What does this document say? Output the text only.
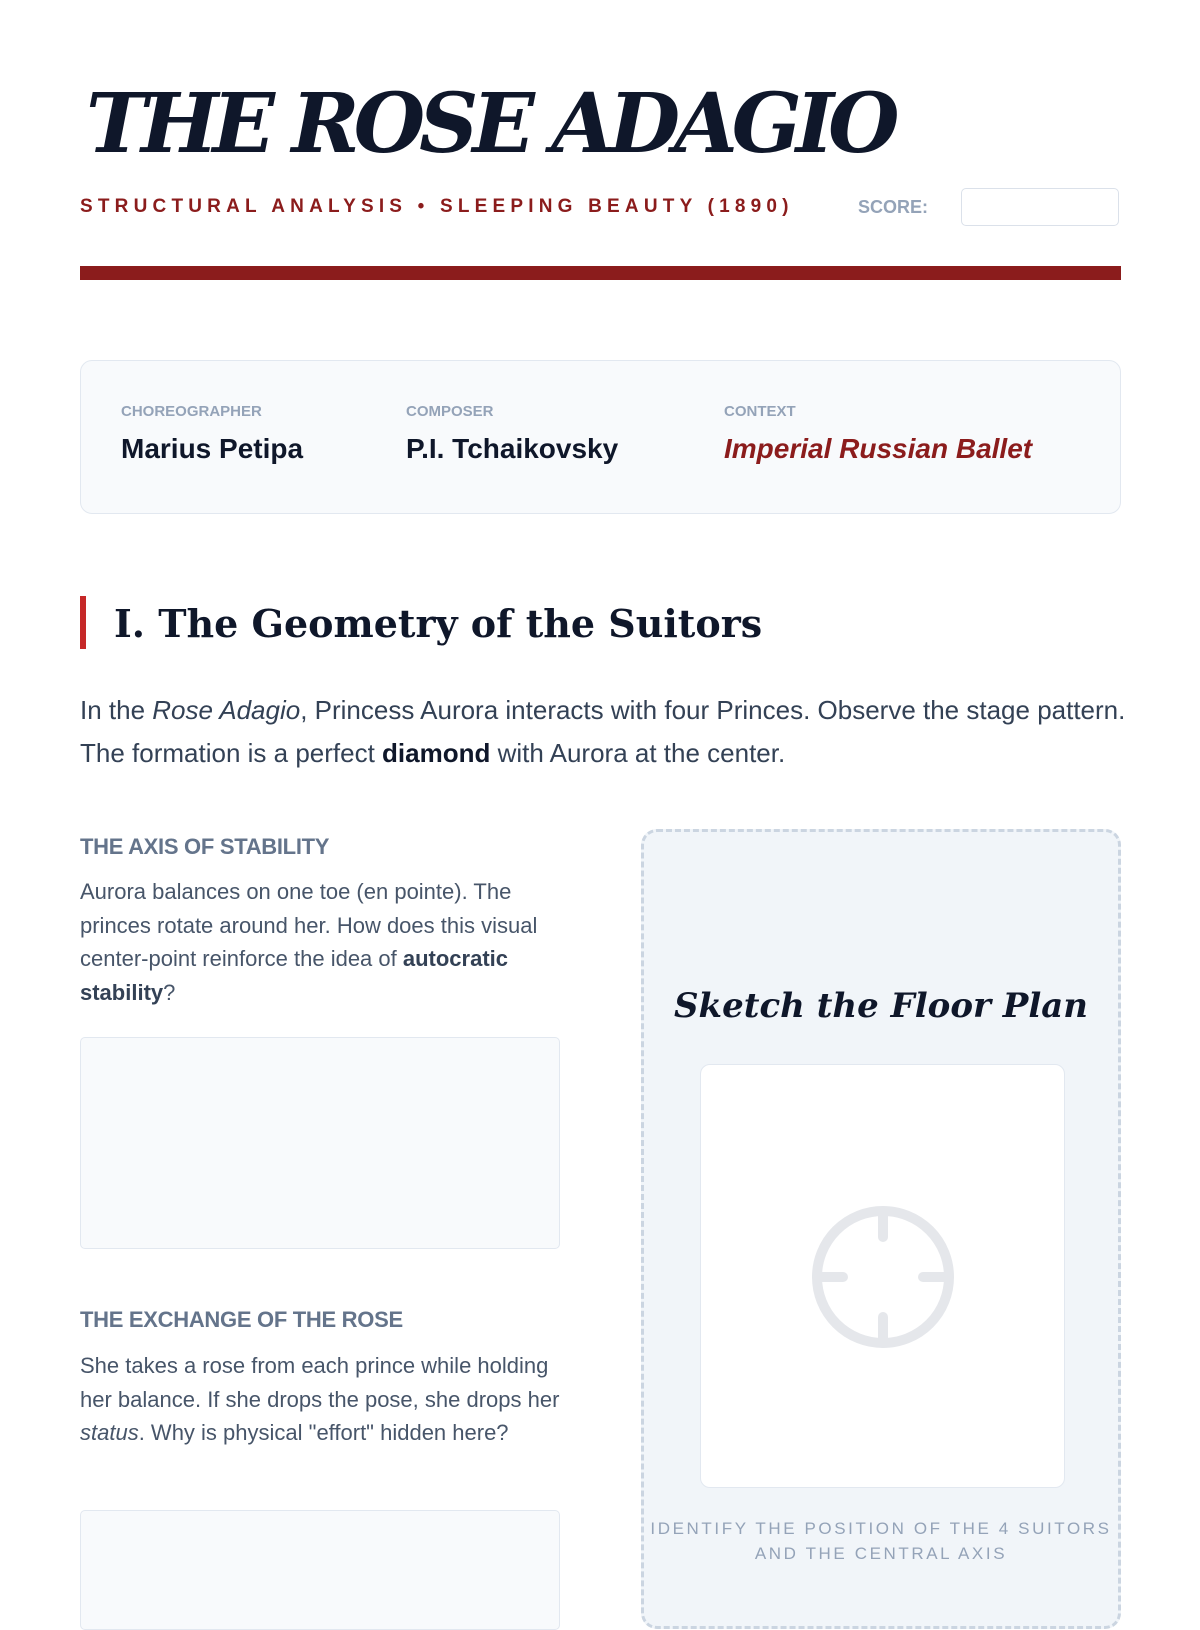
THE ROSE ADAGIO

STRUCTURAL ANALYSIS • SLEEPING BEAUTY (1890)	SCORE:
CHOREOGRAPHER
Marius Petipa
COMPOSER
P.I. Tchaikovsky
CONTEXT
Imperial Russian Ballet
I. The Geometry of the Suitors

In the Rose Adagio, Princess Aurora interacts with four Princes. Observe the stage pattern. The formation is a perfect diamond with Aurora at the center.

THE AXIS OF STABILITY

Aurora balances on one toe (en pointe). The princes rotate around her. How does this visual center-point reinforce the idea of autocratic stability?

THE EXCHANGE OF THE ROSE

She takes a rose from each prince while holding her balance. If she drops the pose, she drops her status. Why is physical "effort" hidden here?

Sketch the Floor Plan

IDENTIFY THE POSITION OF THE 4 SUITORS AND THE CENTRAL AXIS
